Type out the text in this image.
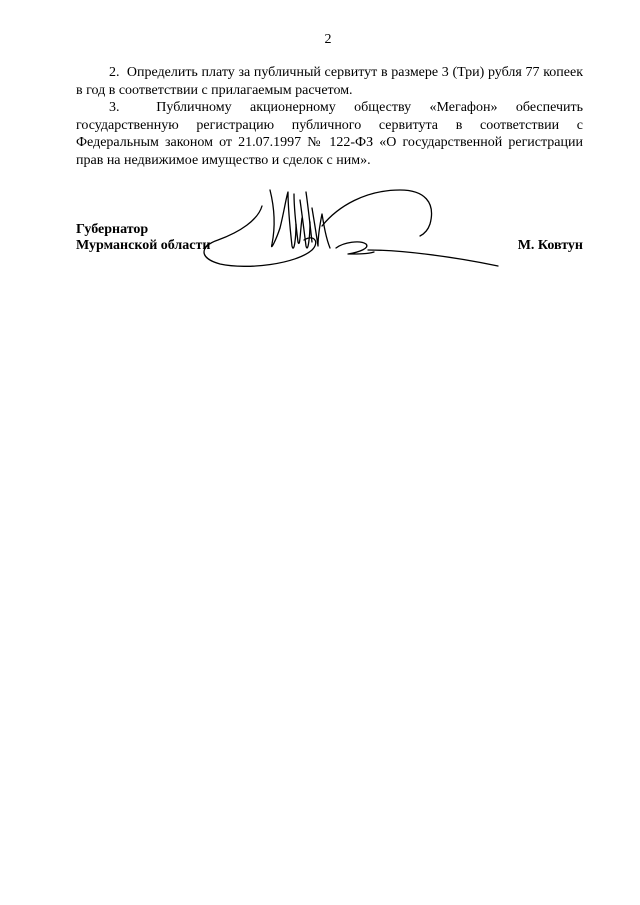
2

2.  Определить плату за публичный сервитут в размере 3 (Три) рубля 77 копеек в год в соответствии с прилагаемым расчетом.

3.  Публичному акционерному обществу «Мегафон» обеспечить государственную регистрацию публичного сервитута в соответствии с Федеральным законом от 21.07.1997 № 122-ФЗ «О государственной регистрации прав на недвижимое имущество и сделок с ним».

Губернатор
Мурманской области	М. Ковтун
